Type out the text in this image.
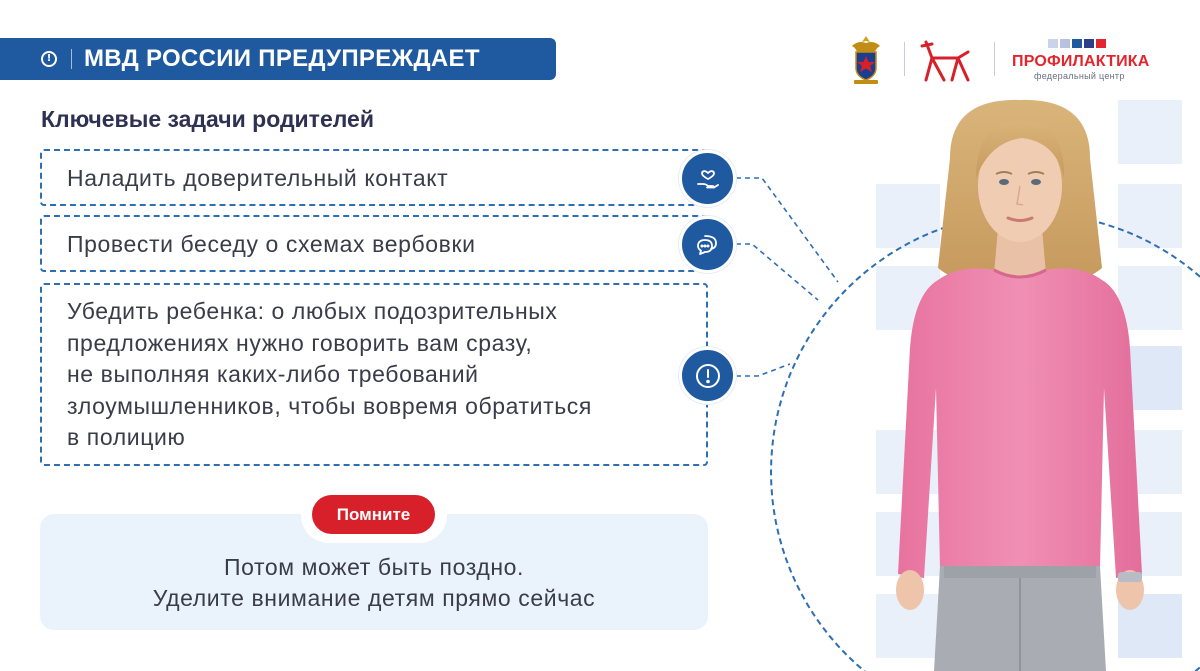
! МВД РОССИИ ПРЕДУПРЕЖДАЕТ	ПРОФИЛАКТИКА
федеральный центр
Ключевые задачи родителей
Наладить доверительный контакт
Провести беседу о схемах вербовки
Убедить ребенка: о любых подозрительных
предложениях нужно говорить вам сразу,
не выполняя каких-либо требований
злоумышленников, чтобы вовремя обратиться
в полицию
Помните
Потом может быть поздно.
Уделите внимание детям прямо сейчас
